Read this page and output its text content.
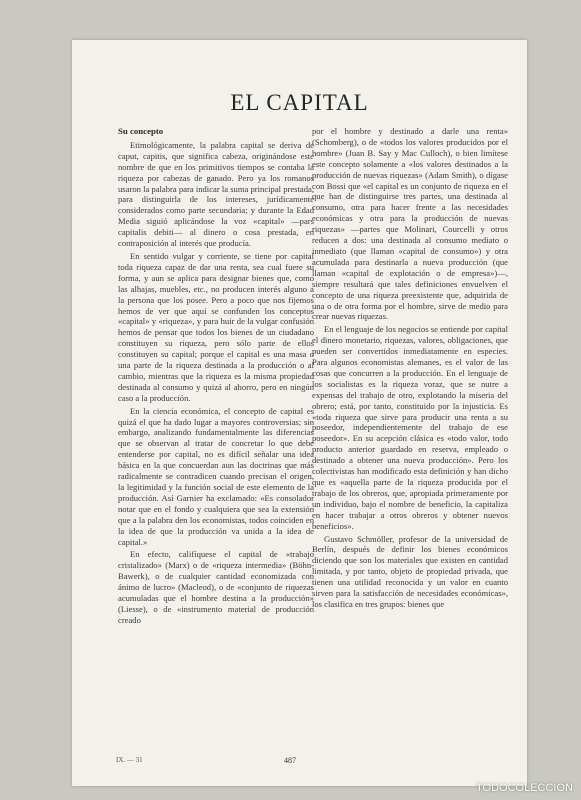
EL CAPITAL
Su concepto

Etimológicamente, la palabra capital se deriva de caput, capitis, que significa cabeza, originándose este nombre de que en los primitivos tiempos se contaba la riqueza por cabezas de ganado. Pero ya los romanos usaron la palabra para indicar la suma principal prestada, para distinguirla de los intereses, jurídicamente considerados como parte secundaria; y durante la Edad Media siguió aplicándose la voz «capital» —pars capitalis debiti— al dinero o cosa prestada, en contraposición al interés que producía.

En sentido vulgar y corriente, se tiene por capital toda riqueza capaz de dar una renta, sea cual fuere su forma, y aun se aplica para designar bienes que, como las alhajas, muebles, etc., no producen interés alguno a la persona que los posee. Pero a poco que nos fijemos hemos de ver que aquí se confunden los conceptos «capital» y «riqueza», y para huir de la vulgar confusión hemos de pensar que todos los bienes de un ciudadano constituyen su riqueza, pero sólo parte de ellos constituyen su capital; porque el capital es una masa o una parte de la riqueza destinada a la producción o al cambio, mientras que la riqueza es la misma propiedad destinada al consumo y quizá al ahorro, pero en ningún caso a la producción.

En la ciencia económica, el concepto de capital es quizá el que ha dado lugar a mayores controversias; sin embargo, analizando fundamentalmente las diferencias que se observan al tratar de concretar lo que debe entenderse por capital, no es difícil señalar una idea básica en la que concuerdan aun las doctrinas que más radicalmente se contradicen cuando precisan el origen, la legitimidad y la función social de este elemento de la producción. Así Garnier ha exclamado: «Es consolador notar que en el fondo y cualquiera que sea la extensión que a la palabra den los economistas, todos coinciden en la idea de que la producción va unida a la idea de capital.»

En efecto, califíquese el capital de «trabajo cristalizado» (Marx) o de «riqueza intermedia» (Böhn-Bawerk), o de cualquier cantidad economizada con ánimo de lucro» (Macleod), o de «conjunto de riquezas acumuladas que el hombre destina a la producción» (Liesse), o de «instrumento material de producción creado

por el hombre y destinado a darle una renta» (Schomberg), o de «todos los valores producidos por el hombre» (Juan B. Say y Mac Culloch), o bien limítese este concepto solamente a «los valores destinados a la producción de nuevas riquezas» (Adam Smith), o dígase con Bossi que «el capital es un conjunto de riqueza en el que han de distinguirse tres partes, una destinada al consumo, otra para hacer frente a las necesidades económicas y otra para la producción de nuevas riquezas» —partes que Molinari, Courcelli y otros reducen a dos: una destinada al consumo mediato o inmediato (que llaman «capital de consumo») y otra acumulada para destinarla a nueva producción (que llaman «capital de explotación o de empresa»)—, siempre resultará que tales definiciones envuelven el concepto de una riqueza preexistente que, adquirida de una o de otra forma por el hombre, sirve de medio para crear nuevas riquezas.

En el lenguaje de los negocios se entiende por capital el dinero monetario, riquezas, valores, obligaciones, que pueden ser convertidos inmediatamente en especies. Para algunos economistas alemanes, es el valor de las cosas que concurren a la producción. En el lenguaje de los socialistas es la riqueza voraz, que se nutre a expensas del trabajo de otro, explotando la miseria del obrero; está, por tanto, constituido por la injusticia. Es «toda riqueza que sirve para producir una renta a su poseedor, independientemente del trabajo de ese poseedor». En su acepción clásica es «todo valor, todo producto anterior guardado en reserva, empleado o destinado a obtener una nueva producción». Pero los colectivistas han modificado esta definición y han dicho que es «aquella parte de la riqueza producida por el trabajo de los obreros, que, apropiada primeramente por un individuo, bajo el nombre de beneficio, la capitaliza en hacer trabajar a otros obreros y obtener nuevos beneficios».

Gustavo Schmöller, profesor de la universidad de Berlín, después de definir los bienes económicos diciendo que son los materiales que existen en cantidad limitada, y por tanto, objeto de propiedad privada, que tienen una utilidad reconocida y un valor en cuanto sirven para la satisfacción de necesidades económicas», los clasifica en tres grupos: bienes que

IX. — 31	487
TODOCOLECCION
